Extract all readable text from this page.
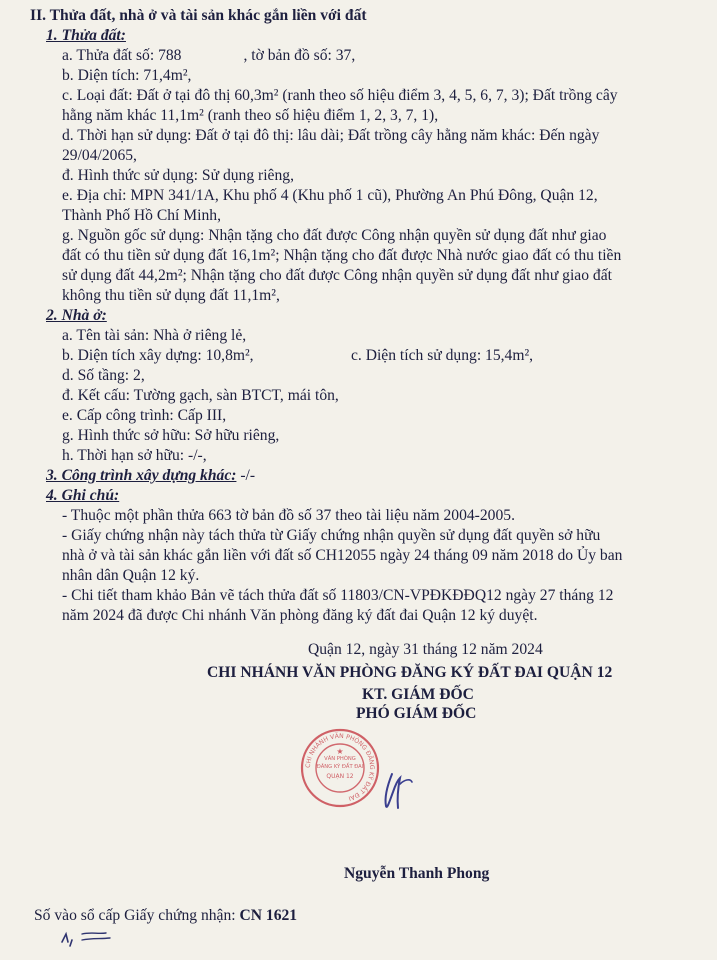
II. Thửa đất, nhà ở và tài sản khác gắn liền với đất
1. Thửa đất:
a. Thửa đất số: 788	, tờ bản đồ số: 37,
b. Diện tích: 71,4m²,
c. Loại đất: Đất ở tại đô thị 60,3m² (ranh theo số hiệu điểm 3, 4, 5, 6, 7, 3); Đất trồng cây
hằng năm khác 11,1m² (ranh theo số hiệu điểm 1, 2, 3, 7, 1),
d. Thời hạn sử dụng: Đất ở tại đô thị: lâu dài; Đất trồng cây hằng năm khác: Đến ngày
29/04/2065,
đ. Hình thức sử dụng: Sử dụng riêng,
e. Địa chỉ: MPN 341/1A, Khu phố 4 (Khu phố 1 cũ), Phường An Phú Đông, Quận 12,
Thành Phố Hồ Chí Minh,
g. Nguồn gốc sử dụng: Nhận tặng cho đất được Công nhận quyền sử dụng đất như giao
đất có thu tiền sử dụng đất 16,1m²; Nhận tặng cho đất được Nhà nước giao đất có thu tiền
sử dụng đất 44,2m²; Nhận tặng cho đất được Công nhận quyền sử dụng đất như giao đất
không thu tiền sử dụng đất 11,1m²,
2. Nhà ở:
a. Tên tài sản: Nhà ở riêng lẻ,
b. Diện tích xây dựng: 10,8m²,	c. Diện tích sử dụng: 15,4m²,
d. Số tầng: 2,
đ. Kết cấu: Tường gạch, sàn BTCT, mái tôn,
e. Cấp công trình: Cấp III,
g. Hình thức sở hữu: Sở hữu riêng,
h. Thời hạn sở hữu: -/-,
3. Công trình xây dựng khác: -/-
4. Ghi chú:
- Thuộc một phần thửa 663 tờ bản đồ số 37 theo tài liệu năm 2004-2005.
- Giấy chứng nhận này tách thửa từ Giấy chứng nhận quyền sử dụng đất quyền sở hữu
nhà ở và tài sản khác gắn liền với đất số CH12055 ngày 24 tháng 09 năm 2018 do Ủy ban
nhân dân Quận 12 ký.
- Chi tiết tham khảo Bản vẽ tách thửa đất số 11803/CN-VPĐKĐĐQ12 ngày 27 tháng 12
năm 2024 đã được Chi nhánh Văn phòng đăng ký đất đai Quận 12 ký duyệt.
Quận 12, ngày 31 tháng 12 năm 2024
CHI NHÁNH VĂN PHÒNG ĐĂNG KÝ ĐẤT ĐAI QUẬN 12
KT. GIÁM ĐỐC
PHÓ GIÁM ĐỐC
CHI NHÁNH VĂN PHÒNG ĐĂNG KÝ ĐẤT ĐAI
VĂN PHÒNG
ĐĂNG KÝ ĐẤT ĐAI
QUẬN 12
★
Nguyễn Thanh Phong
Số vào sổ cấp Giấy chứng nhận: CN 1621
